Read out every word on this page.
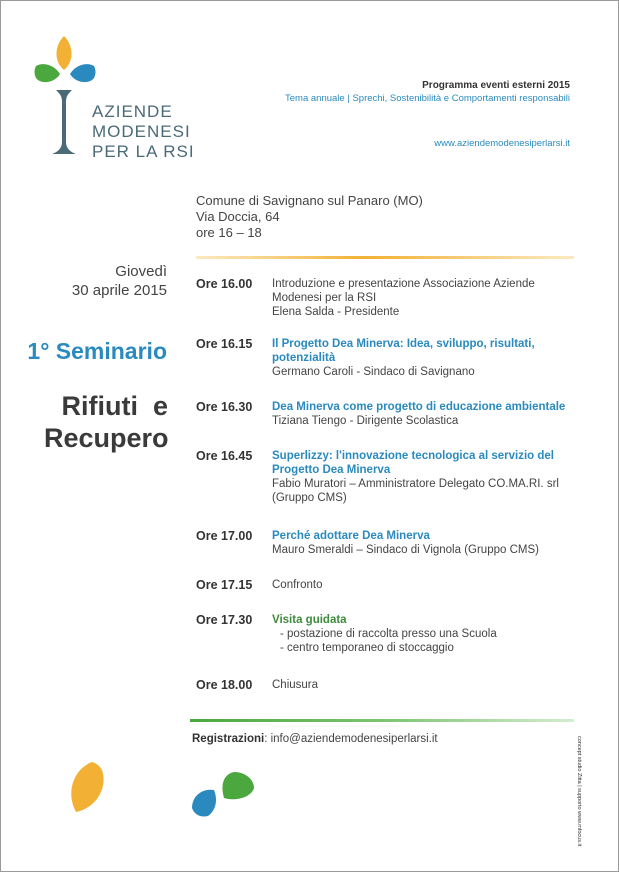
AZIENDE
MODENESI
PER LA RSI
Programma eventi esterni 2015
Tema annuale | Sprechi, Sostenibilità e Comportamenti responsabili
www.aziendemodenesiperlarsi.it
Comune di Savignano sul Panaro (MO)
Via Doccia, 64
ore 16 – 18
Giovedì
30 aprile 2015
1° Seminario
Rifiuti  e
Recupero
Ore 16.00 Introduzione e presentazione Associazione Aziende
Modenesi per la RSI
Elena Salda - Presidente
Ore 16.15 Il Progetto Dea Minerva: Idea, sviluppo, risultati, potenzialità
Germano Caroli - Sindaco di Savignano
Ore 16.30 Dea Minerva come progetto di educazione ambientale
Tiziana Tiengo - Dirigente Scolastica
Ore 16.45 Superlizzy: l'innovazione tecnologica al servizio del Progetto Dea Minerva
Fabio Muratori – Amministratore Delegato CO.MA.RI. srl
(Gruppo CMS)
Ore 17.00 Perché adottare Dea Minerva
Mauro Smeraldi – Sindaco di Vignola (Gruppo CMS)
Ore 17.15 Confronto
Ore 17.30 Visita guidata
- postazione di raccolta presso una Scuola
- centro temporaneo di stoccaggio
Ore 18.00 Chiusura
Registrazioni: info@aziendemodenesiperlarsi.it	concept studio Zitta | supporto www.mfocus.it
